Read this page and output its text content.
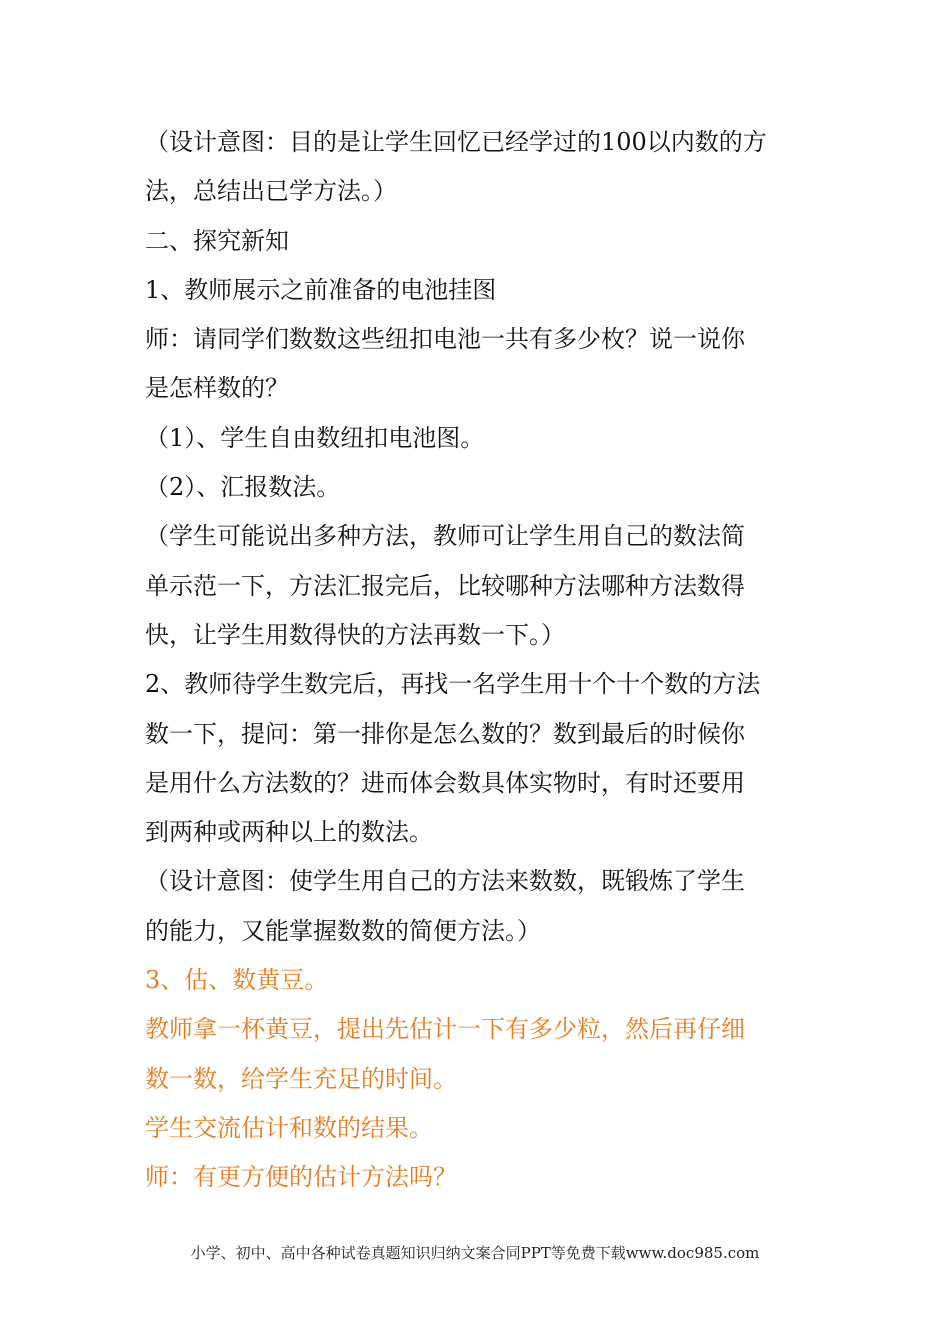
（设计意图：目的是让学生回忆已经学过的100以内数的方
法，总结出已学方法。）
二、探究新知
1、教师展示之前准备的电池挂图
师：请同学们数数这些纽扣电池一共有多少枚？说一说你
是怎样数的？
（1）、学生自由数纽扣电池图。
（2）、汇报数法。
（学生可能说出多种方法，教师可让学生用自己的数法简
单示范一下，方法汇报完后，比较哪种方法哪种方法数得
快，让学生用数得快的方法再数一下。）
2、教师待学生数完后，再找一名学生用十个十个数的方法
数一下，提问：第一排你是怎么数的？数到最后的时候你
是用什么方法数的？进而体会数具体实物时，有时还要用
到两种或两种以上的数法。
（设计意图：使学生用自己的方法来数数，既锻炼了学生
的能力，又能掌握数数的简便方法。）
3、估、数黄豆。
教师拿一杯黄豆，提出先估计一下有多少粒，然后再仔细
数一数，给学生充足的时间。
学生交流估计和数的结果。
师：有更方便的估计方法吗？
小学、初中、高中各种试卷真题知识归纳文案合同PPT等免费下载www.doc985.com
